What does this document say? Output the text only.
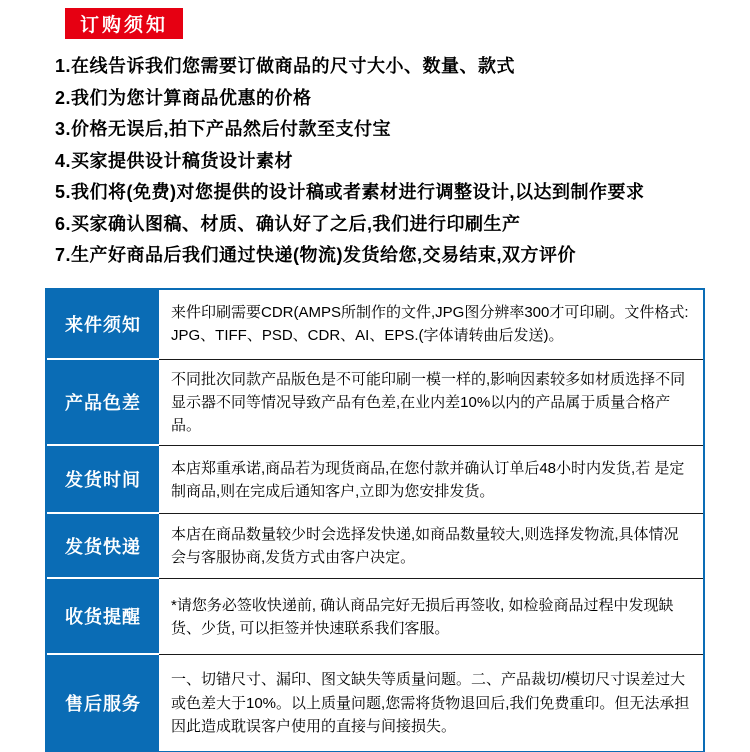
订购须知
1.在线告诉我们您需要订做商品的尺寸大小、数量、款式
2.我们为您计算商品优惠的价格
3.价格无误后,拍下产品然后付款至支付宝
4.买家提供设计稿货设计素材
5.我们将(免费)对您提供的设计稿或者素材进行调整设计,以达到制作要求
6.买家确认图稿、材质、确认好了之后,我们进行印刷生产
7.生产好商品后我们通过快递(物流)发货给您,交易结束,双方评价
来件须知
来件印刷需要CDR(AMPS所制作的文件,JPG图分辨率300才可印刷。文件格式: JPG、TIFF、PSD、CDR、AI、EPS.(字体请转曲后发送)。
产品色差
不同批次同款产品版色是不可能印刷一模一样的,影响因素较多如材质选择不同显示器不同等情况导致产品有色差,在业内差10%以内的产品属于质量合格产品。
发货时间
本店郑重承诺,商品若为现货商品,在您付款并确认订单后48小时内发货,若 是定 制商品,则在完成后通知客户,立即为您安排发货。
发货快递
本店在商品数量较少时会选择发快递,如商品数量较大,则选择发物流,具体情况会与客服协商,发货方式由客户决定。
收货提醒
*请您务必签收快递前, 确认商品完好无损后再签收, 如检验商品过程中发现缺货、少货, 可以拒签并快速联系我们客服。
售后服务
一、切错尺寸、漏印、图文缺失等质量问题。二、产品裁切/模切尺寸误差过大或色差大于10%。以上质量问题,您需将货物退回后,我们免费重印。但无法承担因此造成耽误客户使用的直接与间接损失。
